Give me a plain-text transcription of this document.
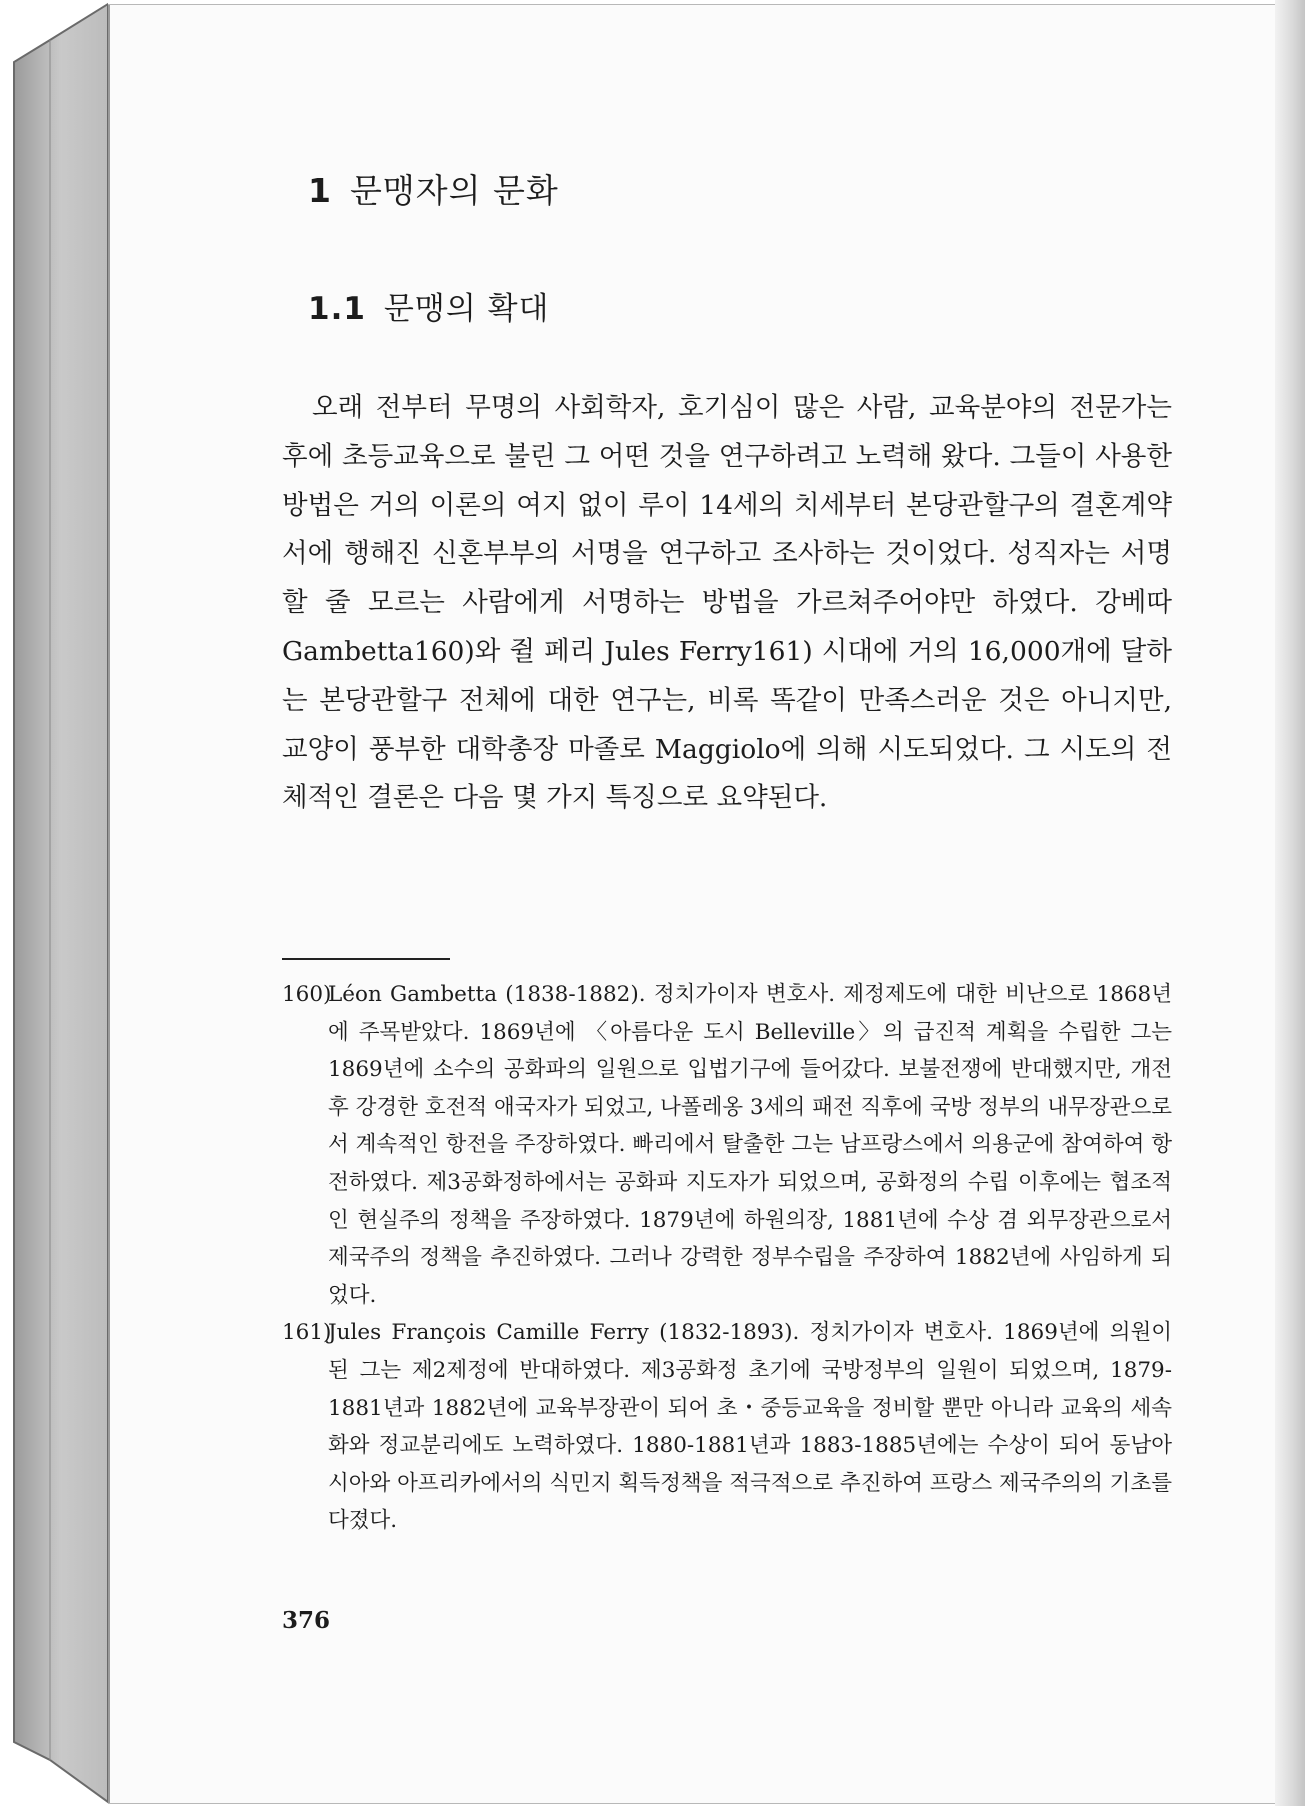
1 문맹자의 문화
1.1 문맹의 확대

오래 전부터 무명의 사회학자, 호기심이 많은 사람, 교육분야의 전문가는 후에 초등교육으로 불린 그 어떤 것을 연구하려고 노력해 왔다. 그들이 사용한 방법은 거의 이론의 여지 없이 루이 14세의 치세부터 본당관할구의 결혼계약서에 행해진 신혼부부의 서명을 연구하고 조사하는 것이었다. 성직자는 서명할 줄 모르는 사람에게 서명하는 방법을 가르쳐주어야만 하였다. 강베따 Gambetta160)와 쥘 페리 Jules Ferry161) 시대에 거의 16,000개에 달하는 본당관할구 전체에 대한 연구는, 비록 똑같이 만족스러운 것은 아니지만, 교양이 풍부한 대학총장 마졸로 Maggiolo에 의해 시도되었다. 그 시도의 전체적인 결론은 다음 몇 가지 특징으로 요약된다.

160)
Léon Gambetta (1838-1882). 정치가이자 변호사. 제정제도에 대한 비난으로 1868년에 주목받았다. 1869년에 〈아름다운 도시 Belleville〉의 급진적 계획을 수립한 그는 1869년에 소수의 공화파의 일원으로 입법기구에 들어갔다. 보불전쟁에 반대했지만, 개전 후 강경한 호전적 애국자가 되었고, 나폴레옹 3세의 패전 직후에 국방 정부의 내무장관으로서 계속적인 항전을 주장하였다. 빠리에서 탈출한 그는 남프랑스에서 의용군에 참여하여 항전하였다. 제3공화정하에서는 공화파 지도자가 되었으며, 공화정의 수립 이후에는 협조적인 현실주의 정책을 주장하였다. 1879년에 하원의장, 1881년에 수상 겸 외무장관으로서 제국주의 정책을 추진하였다. 그러나 강력한 정부수립을 주장하여 1882년에 사임하게 되었다.

161)
Jules François Camille Ferry (1832-1893). 정치가이자 변호사. 1869년에 의원이 된 그는 제2제정에 반대하였다. 제3공화정 초기에 국방정부의 일원이 되었으며, 1879-1881년과 1882년에 교육부장관이 되어 초・중등교육을 정비할 뿐만 아니라 교육의 세속화와 정교분리에도 노력하였다. 1880-1881년과 1883-1885년에는 수상이 되어 동남아시아와 아프리카에서의 식민지 획득정책을 적극적으로 추진하여 프랑스 제국주의의 기초를 다졌다.

376
